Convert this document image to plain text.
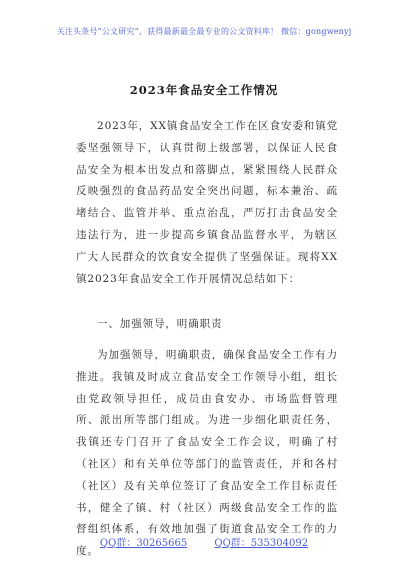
关注头条号“公文研究”，获得最新最全最专业的公文资料库！ 微信：gongwenyj
2023年食品安全工作情况
2023年，XX镇食品安全工作在区食安委和镇党委坚强领导下，认真贯彻上级部署，以保证人民食品安全为根本出发点和落脚点，紧紧围绕人民群众反映强烈的食品药品安全突出问题，标本兼治、疏堵结合、监管并举、重点治乱，严厉打击食品安全违法行为，进一步提高乡镇食品监督水平，为辖区广大人民群众的饮食安全提供了坚强保证。现将XX镇2023年食品安全工作开展情况总结如下：
一、加强领导，明确职责
为加强领导，明确职责，确保食品安全工作有力推进。我镇及时成立食品安全工作领导小组，组长由党政领导担任，成员由食安办、市场监督管理所、派出所等部门组成。为进一步细化职责任务，我镇还专门召开了食品安全工作会议，明确了村（社区）和有关单位等部门的监管责任，并和各村（社区）及有关单位签订了食品安全工作目标责任书，健全了镇、村（社区）两级食品安全工作的监督组织体系，有效地加强了街道食品安全工作的力度。
QQ群：30265665	QQ群：535304092
